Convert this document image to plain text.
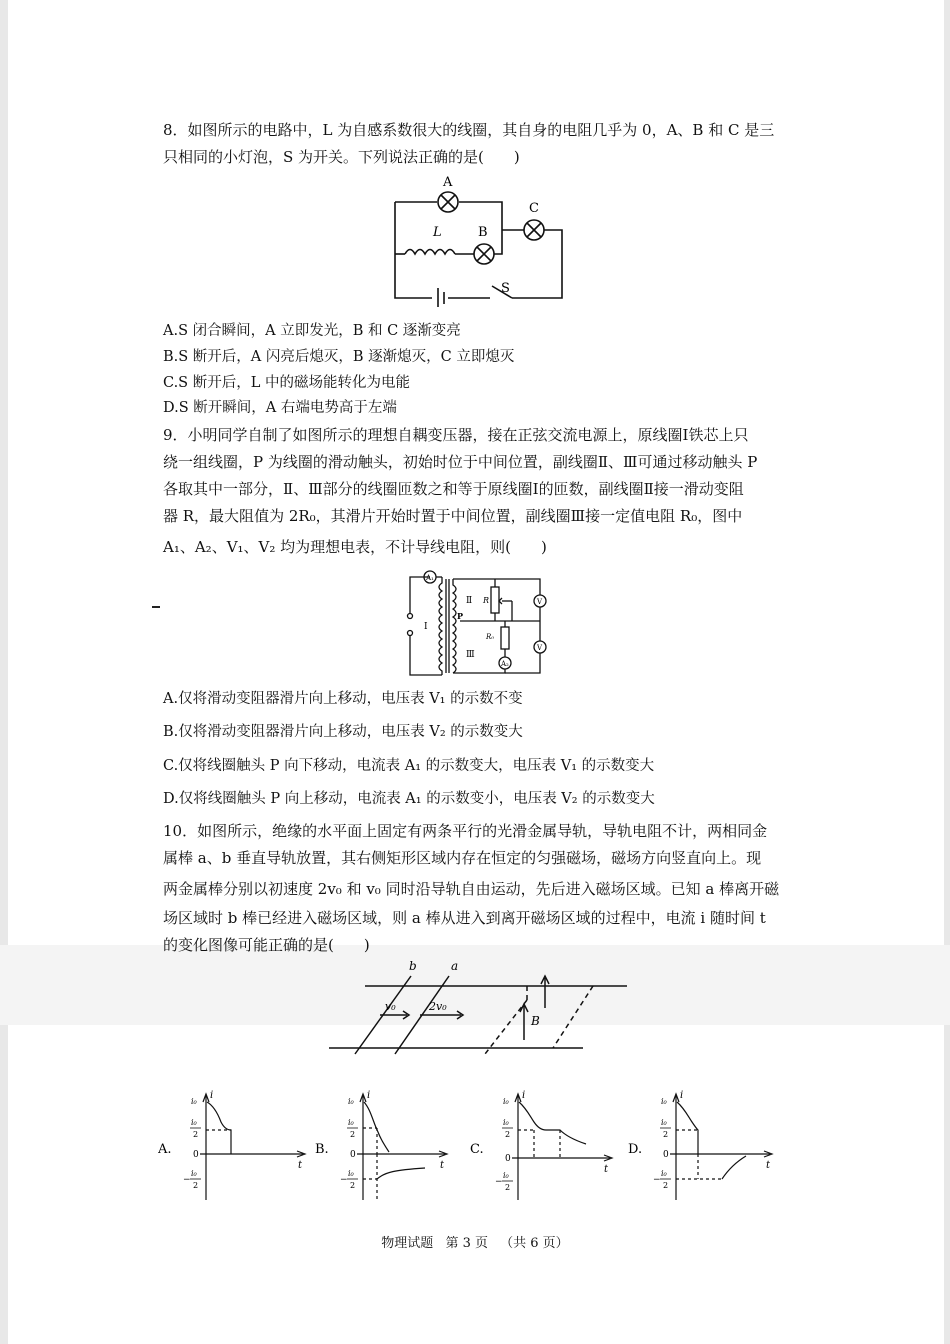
8．如图所示的电路中，L 为自感系数很大的线圈，其自身的电阻几乎为 0，A、B 和 C 是三
只相同的小灯泡，S 为开关。下列说法正确的是(　　)
A
B
C
L
S
A.S 闭合瞬间，A 立即发光，B 和 C 逐渐变亮
B.S 断开后，A 闪亮后熄灭，B 逐渐熄灭，C 立即熄灭
C.S 断开后，L 中的磁场能转化为电能
D.S 断开瞬间，A 右端电势高于左端
9．小明同学自制了如图所示的理想自耦变压器，接在正弦交流电源上，原线圈Ⅰ铁芯上只
绕一组线圈，P 为线圈的滑动触头，初始时位于中间位置，副线圈Ⅱ、Ⅲ可通过移动触头 P
各取其中一部分，Ⅱ、Ⅲ部分的线圈匝数之和等于原线圈Ⅰ的匝数，副线圈Ⅱ接一滑动变阻
器 R，最大阻值为 2R₀，其滑片开始时置于中间位置，副线圈Ⅲ接一定值电阻 R₀，图中
A₁、A₂、V₁、V₂ 均为理想电表，不计导线电阻，则(　　)
A₁
A₂
V
V
Ⅰ
Ⅱ
Ⅲ
P
R
R₀
A.仅将滑动变阻器滑片向上移动，电压表 V₁ 的示数不变
B.仅将滑动变阻器滑片向上移动，电压表 V₂ 的示数变大
C.仅将线圈触头 P 向下移动，电流表 A₁ 的示数变大，电压表 V₁ 的示数变大
D.仅将线圈触头 P 向上移动，电流表 A₁ 的示数变小，电压表 V₂ 的示数变大
10．如图所示，绝缘的水平面上固定有两条平行的光滑金属导轨，导轨电阻不计，两相同金
属棒 a、b 垂直导轨放置，其右侧矩形区域内存在恒定的匀强磁场，磁场方向竖直向上。现
两金属棒分别以初速度 2v₀ 和 v₀ 同时沿导轨自由运动，先后进入磁场区域。已知 a 棒离开磁
场区域时 b 棒已经进入磁场区域，则 a 棒从进入到离开磁场区域的过程中，电流 i 随时间 t
的变化图像可能正确的是(　　)
b	a
v₀	2v₀
B
A.
i
i₀
i₀
2
0
−
i₀
2
t
B.
i
i₀
i₀
2
0
−
i₀
2
t
C.
i
i₀
i₀
2
0
−
i₀
2
t
D.
i
i₀
i₀
2
0
−
i₀
2
t
物理试题 第 3 页 （共 6 页）
